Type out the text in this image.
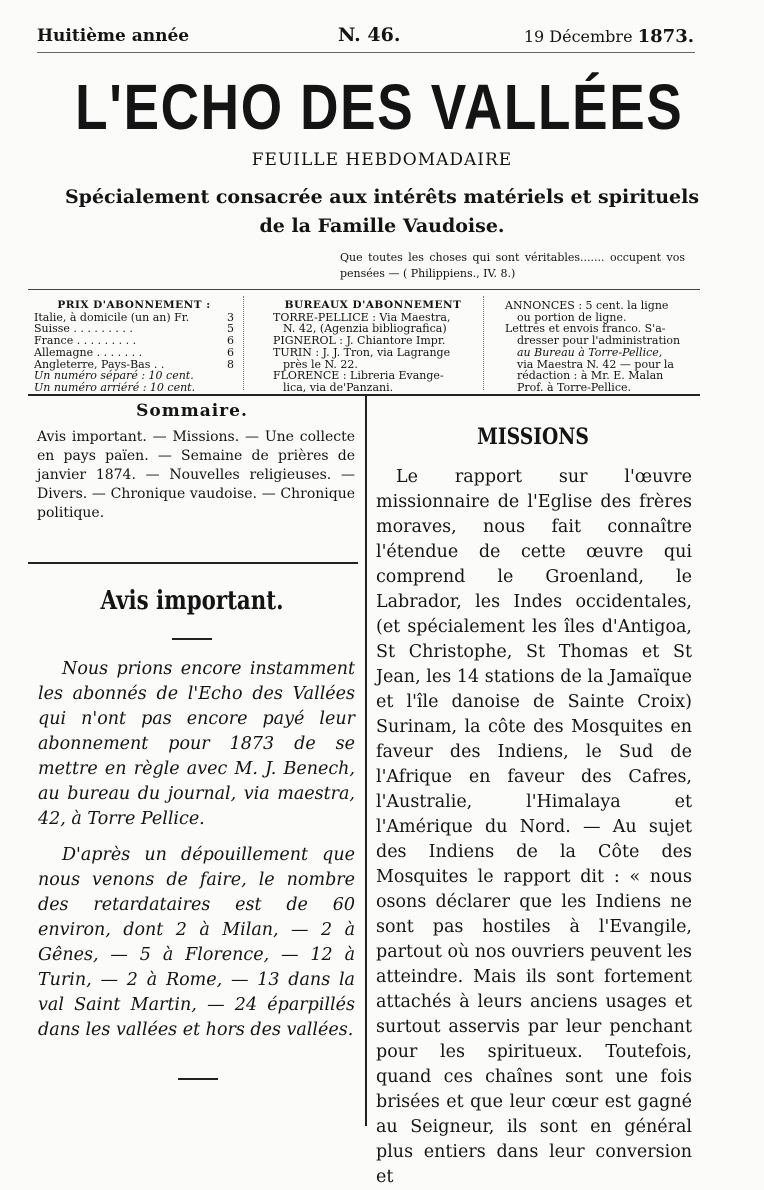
Huitième année	N. 46.	19 Décembre 1873.
L'ECHO DES VALLÉES
FEUILLE HEBDOMADAIRE
Spécialement consacrée aux intérêts matériels et spirituels
de la Famille Vaudoise.
Que toutes les choses qui sont véritables....... occupent vos pensées — ( Philippiens., IV. 8.)
PRIX D'ABONNEMENT :
Italie, à domicile (un an) Fr.	3
Suisse . . . . . . . . .	5
France . . . . . . . . .	6
Allemagne . . . . . . .	6
Angleterre, Pays-Bas . .	8
Un numéro séparé : 10 cent.
Un numéro arriéré : 10 cent.
BUREAUX D'ABONNEMENT
TORRE-PELLICE : Via Maestra,
N. 42, (Agenzia bibliografica)
PIGNEROL : J. Chiantore Impr.
TURIN : J. J. Tron, via Lagrange
près le N. 22.
FLORENCE : Libreria Evange-
lica, via de'Panzani.
ANNONCES : 5 cent. la ligne
ou portion de ligne.
Lettres et envois franco. S'a-
dresser pour l'administration
au Bureau à Torre-Pellice,
via Maestra N. 42 — pour la
rédaction : à Mr. E. Malan
Prof. à Torre-Pellice.
Sommaire.
Avis important. — Missions. — Une collecte en pays païen. — Semaine de prières de janvier 1874. — Nouvelles religieuses. — Divers. — Chronique vaudoise. — Chronique politique.
Avis important.
Nous prions encore instamment les abonnés de l'Echo des Vallées qui n'ont pas encore payé leur abonnement pour 1873 de se mettre en règle avec M. J. Benech, au bureau du journal, via maestra, 42, à Torre Pellice.
D'après un dépouillement que nous venons de faire, le nombre des retardataires est de 60 environ, dont 2 à Milan, — 2 à Gênes, — 5 à Florence, — 12 à Turin, — 2 à Rome, — 13 dans la val Saint Martin, — 24 éparpillés dans les vallées et hors des vallées.
MISSIONS
Le rapport sur l'œuvre missionnaire de l'Eglise des frères moraves, nous fait connaître l'étendue de cette œuvre qui comprend le Groenland, le Labrador, les Indes occidentales, (et spécialement les îles d'Antigoa, St Christophe, St Thomas et St Jean, les 14 stations de la Jamaïque et l'île danoise de Sainte Croix) Surinam, la côte des Mosquites en faveur des Indiens, le Sud de l'Afrique en faveur des Cafres, l'Australie, l'Himalaya et l'Amérique du Nord. — Au sujet des Indiens de la Côte des Mosquites le rapport dit : « nous osons déclarer que les Indiens ne sont pas hostiles à l'Evangile, partout où nos ouvriers peuvent les atteindre. Mais ils sont fortement attachés à leurs anciens usages et surtout asservis par leur penchant pour les spiritueux. Toutefois, quand ces chaînes sont une fois brisées et que leur cœur est gagné au Seigneur, ils sont en général plus entiers dans leur conversion et
